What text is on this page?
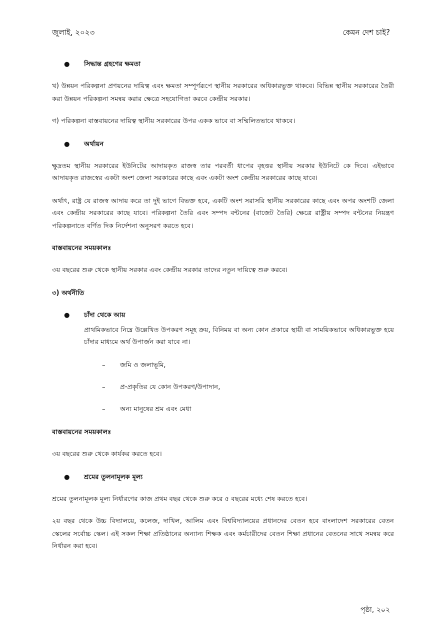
জুলাই, ২০২৩	কেমন দেশ চাই?
● সিদ্ধান্ত গ্রহণের ক্ষমতা

খ) উন্নয়ন পরিকল্পনা প্রণয়নের দায়িত্ব এবং ক্ষমতা সম্পূর্ণরূপে স্থানীয় সরকারের অধিকারভুক্ত থাকবে। বিভিন্ন স্থানীয় সরকারের তৈরী করা উন্নয়ন পরিকল্পনা সমন্বয় করার ক্ষেত্রে সহযোগিতা করবে কেন্দ্রীয় সরকার।

গ) পরিকল্পনা বাস্তবায়নের দায়িত্ব স্থানীয় সরকারের উপর একক ভাবে বা সম্মিলিতভাবে থাকবে।

● অর্থায়ন

ক্ষুদ্রতম স্থানীয় সরকারের ইউনিটের আদায়কৃত রাজস্ব তার পরবর্তী ধাপের বৃহত্তর স্থানীয় সরকার ইউনিটে কে দিবে। এইভাবে আদায়কৃত রাজস্বের একটা অংশ জেলা সরকারের কাছে এবং একটা অংশ কেন্দ্রীয় সরকারের কাছে যাবে।

অর্থাৎ, রাষ্ট্র যে রাজস্ব আদায় করে তা দুই ভাগে বিভক্ত হবে, একটি অংশ সরাসরি স্থানীয় সরকারের কাছে এবং অপর অংশটি জেলা এবং কেন্দ্রীয় সরকারের কাছে যাবে। পরিকল্পনা তৈরি এবং সম্পদ বন্টনের (বাজেট তৈরি) ক্ষেত্রে রাষ্ট্রীয় সম্পদ বন্টনের নিয়ন্ত্রণ পরিকল্পনাতে বর্ণিত দিক নির্দেশনা অনুসরণ করতে হবে।

বাস্তবায়নের সময়কালঃ

৩য় বছরের শুরু থেকে স্থানীয় সরকার এবং কেন্দ্রীয় সরকার তাদের নতুন দায়িত্বে শুরু করবে।

৩) অর্থনীতি
● চাঁদা থেকে আয়

প্রাথমিকভাবে নিম্নে উল্লেখিত উপকরণ সমূহ ক্রয়, বিনিময় বা অন্য কোন প্রকারে স্থায়ী বা সাময়িকভাবে অধিকারভুক্ত হয়ে চাঁদার মাধ্যমে অর্থ উপার্জন করা যাবে না।

– জমি ও জলাভূমি,
– প্র-প্রকৃতির যে কোন উপকরণ/উপাদান,
– অন্য মানুষের শ্রম এবং মেধা
বাস্তবায়নের সময়কালঃ

৩য় বছরের শুরু থেকে কার্যকর করতে হবে।

● শ্রমের তুলনামূলক মূল্য

শ্রমের তুলনামূলক মূল্য নির্ধারণের কাজ প্রথম বছর থেকে শুরু করে ৫ বছরের মধ্যে শেষ করতে হবে।

২য় বছর থেকে উচ্চ বিদ্যালয়ে, কলেজ, দাখিল, আলিম এবং বিশ্ববিদ্যালয়ের প্রধানদের বেতন হবে বাংলাদেশ সরকারের বেতন স্কেলের সর্বোচ্চ স্কেল। এই সকল শিক্ষা প্রতিষ্ঠানের অন্যান্য শিক্ষক এবং কর্মচারীদের বেতন শিক্ষা প্রধানের বেতনের সাথে সমন্বয় করে নির্ধারন করা হবে।

পৃষ্ঠা, ২০২
